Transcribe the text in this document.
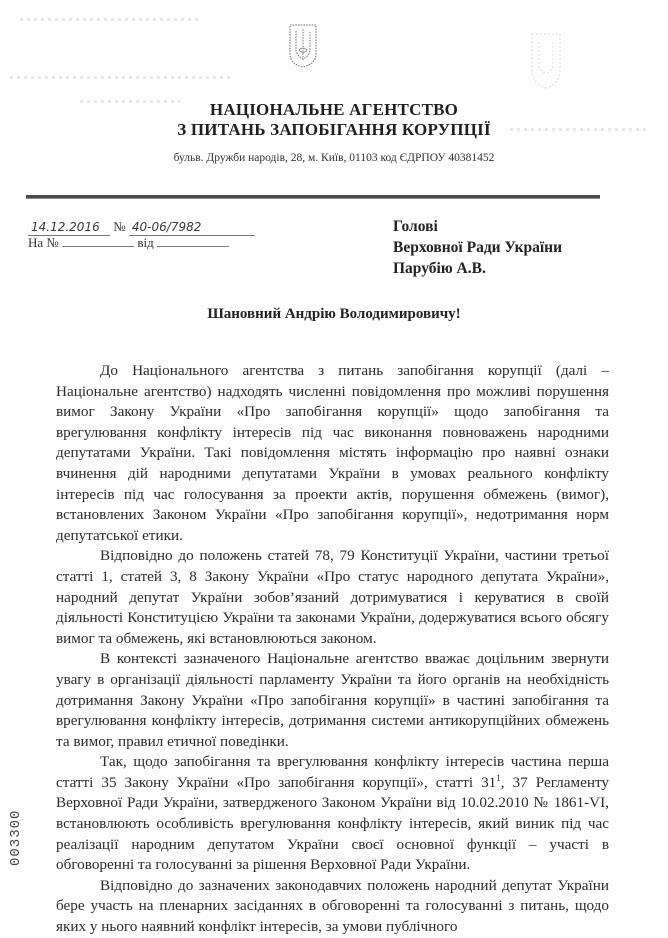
НАЦІОНАЛЬНЕ АГЕНТСТВО
З ПИТАНЬ ЗАПОБІГАННЯ КОРУПЦІЇ
бульв. Дружби народів, 28, м. Київ, 01103 код ЄДРПОУ 40381452
14.12.2016 № 40-06/7982
На №	від
Голові
Верховної Ради України
Парубію А.В.
Шановний Андрію Володимировичу!

До Національного агентства з питань запобігання корупції (далі – Національне агентство) надходять численні повідомлення про можливі порушення вимог Закону України «Про запобігання корупції» щодо запобігання та врегулювання конфлікту інтересів під час виконання повноважень народними депутатами України. Такі повідомлення містять інформацію про наявні ознаки вчинення дій народними депутатами України в умовах реального конфлікту інтересів під час голосування за проекти актів, порушення обмежень (вимог), встановлених Законом України «Про запобігання корупції», недотримання норм депутатської етики.

Відповідно до положень статей 78, 79 Конституції України, частини третьої статті 1, статей 3, 8 Закону України «Про статус народного депутата України», народний депутат України зобов’язаний дотримуватися і керуватися в своїй діяльності Конституцією України та законами України, додержуватися всього обсягу вимог та обмежень, які встановлюються законом.

В контексті зазначеного Національне агентство вважає доцільним звернути увагу в організації діяльності парламенту України та його органів на необхідність дотримання Закону України «Про запобігання корупції» в частині запобігання та врегулювання конфлікту інтересів, дотримання системи антикорупційних обмежень та вимог, правил етичної поведінки.

Так, щодо запобігання та врегулювання конфлікту інтересів частина перша статті 35 Закону України «Про запобігання корупції», статті $31^1$, 37 Регламенту Верховної Ради України, затвердженого Законом України від 10.02.2010 № 1861-VI, встановлюють особливість врегулювання конфлікту інтересів, який виник під час реалізації народним депутатом України своєї основної функції – участі в обговоренні та голосуванні за рішення Верховної Ради України.

Відповідно до зазначених законодавчих положень народний депутат України бере участь на пленарних засіданнях в обговоренні та голосуванні з питань, щодо яких у нього наявний конфлікт інтересів, за умови публічного

003300
